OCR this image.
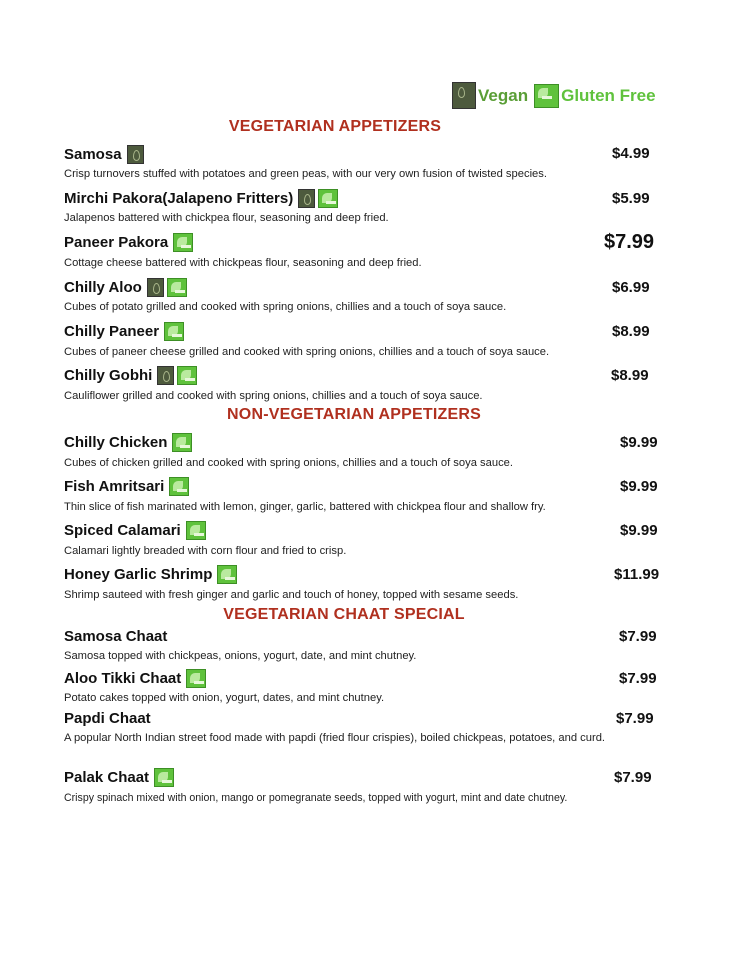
Vegan Gluten Free
VEGETARIAN APPETIZERS
Samosa	$4.99
Crisp turnovers stuffed with potatoes and green peas, with our very own fusion of twisted species.
Mirchi Pakora(Jalapeno Fritters)	$5.99
Jalapenos battered with chickpea flour, seasoning and deep fried.
Paneer Pakora	$7.99
Cottage cheese battered with chickpeas flour, seasoning and deep fried.
Chilly Aloo	$6.99
Cubes of potato grilled and cooked with spring onions, chillies and a touch of soya sauce.
Chilly Paneer	$8.99
Cubes of paneer cheese grilled and cooked with spring onions, chillies and a touch of soya sauce.
Chilly Gobhi	$8.99
Cauliflower grilled and cooked with spring onions, chillies and a touch of soya sauce.
NON-VEGETARIAN APPETIZERS
Chilly Chicken	$9.99
Cubes of chicken grilled and cooked with spring onions, chillies and a touch of soya sauce.
Fish Amritsari	$9.99
Thin slice of fish marinated with lemon, ginger, garlic, battered with chickpea flour and shallow fry.
Spiced Calamari	$9.99
Calamari lightly breaded with corn flour and fried to crisp.
Honey Garlic Shrimp	$11.99
Shrimp sauteed with fresh ginger and garlic and touch of honey, topped with sesame seeds.
VEGETARIAN CHAAT SPECIAL
Samosa Chaat	$7.99
Samosa topped with chickpeas, onions, yogurt, date, and mint chutney.
Aloo Tikki Chaat	$7.99
Potato cakes topped with onion, yogurt, dates, and mint chutney.
Papdi Chaat	$7.99
A popular North Indian street food made with papdi (fried flour crispies), boiled chickpeas, potatoes, and curd.
Palak Chaat	$7.99
Crispy spinach mixed with onion, mango or pomegranate seeds, topped with yogurt, mint and date chutney.
